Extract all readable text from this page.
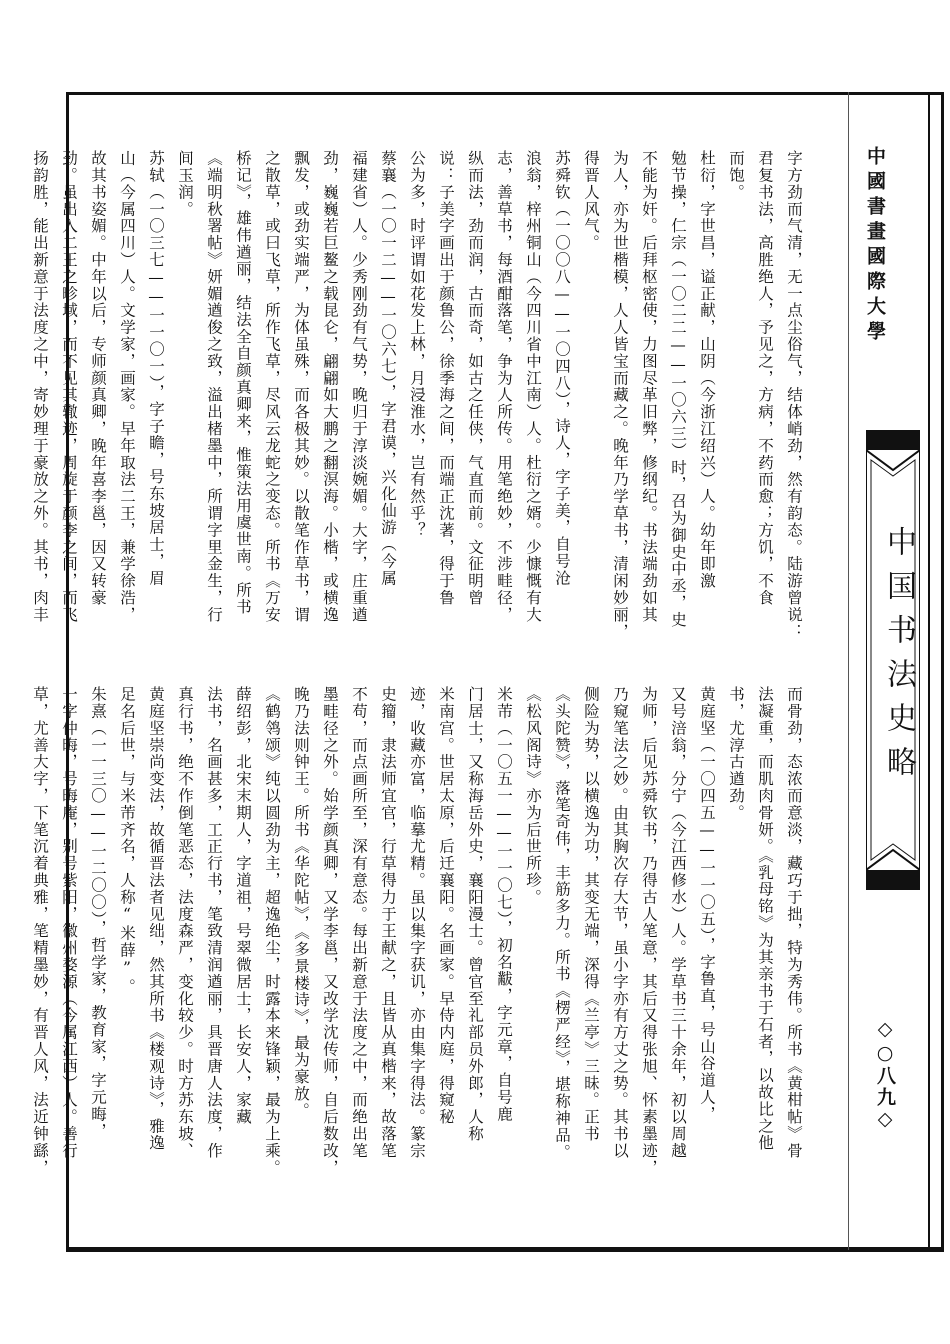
中國書畫國際大學
中国书法史略
◇○八九◇
字方劲而气清，无一点尘俗气，结体峭劲，然有韵态。陆游曾说：
君复书法，高胜绝人，予见之，方病，不药而愈；方饥，不食
而饱。
杜衍，字世昌，谥正献，山阴（今浙江绍兴）人。幼年即激
勉节操，仁宗（一〇二二——一〇六三）时，召为御史中丞，史
不能为奸。后拜枢密使，力图尽革旧弊，修纲纪。书法端劲如其
为人，亦为世楷模，人人皆宝而藏之。晚年乃学草书，清闲妙丽，
得晋人风气。
苏舜钦（一〇〇八——一〇四八），诗人，字子美，自号沧
浪翁，梓州铜山（今四川省中江南）人。杜衍之婿。少慷慨有大
志，善草书，每酒酣落笔，争为人所传。用笔绝妙，不涉畦径，
纵而法，劲而润，古而奇，如古之任侠，气直而前。文征明曾
说：子美字画出于颜鲁公，徐季海之间，而端正沈著，得于鲁
公为多，时评谓如花发上林，月浸淮水，岂有然乎？
蔡襄（一〇一二——一〇六七），字君谟，兴化仙游（今属
福建省）人。少秀刚劲有气势，晚归于淳淡婉媚。大字，庄重遒
劲，巍巍若巨鳌之载昆仑，翩翩如大鹏之翻溟海。小楷，或横逸
飘发，或劲实端严，为体虽殊，而各极其妙。以散笔作草书，谓
之散草，或曰飞草，所作飞草，尽风云龙蛇之变态。所书《万安
桥记》，雄伟遒丽，结法全自颜真卿来，惟策法用虞世南。所书
《端明秋署帖》妍媚遒俊之致，溢出楮墨中，所谓字里金生，行
间玉润。
苏轼（一〇三七——一一〇一），字子瞻，号东坡居士，眉
山（今属四川）人。文学家，画家。早年取法二王，兼学徐浩，
故其书姿媚。中年以后，专师颜真卿，晚年喜李邕，因又转豪
劲。虽出入二王之畛域，而不见其辙迹，周旋于颜李之间，而飞
扬韵胜，能出新意于法度之中，寄妙理于豪放之外。其书，肉丰
而骨劲，态浓而意淡，藏巧于拙，特为秀伟。所书《黄柑帖》骨
法凝重，而肌肉骨妍。《乳母铭》为其亲书于石者，以故比之他
书，尤淳古遒劲。
黄庭坚（一〇四五——一一〇五），字鲁直，号山谷道人，
又号涪翁，分宁（今江西修水）人。学草书三十余年，初以周越
为师，后见苏舜钦书，乃得古人笔意，其后又得张旭、怀素墨迹，
乃窥笔法之妙。由其胸次存大节，虽小字亦有方丈之势。其书以
侧险为势，以横逸为功，其变无端，深得《兰亭》三昧。正书
《头陀赞》，落笔奇伟，丰筋多力。所书《楞严经》，堪称神品。
《松风阁诗》亦为后世所珍。
米芾（一〇五一——一一〇七），初名黻，字元章，自号鹿
门居士，又称海岳外史，襄阳漫士。曾官至礼部员外郎，人称
米南宫。世居太原，后迁襄阳。名画家。早侍内庭，得窥秘
迹，收藏亦富，临摹尤精。虽以集字获讥，亦由集字得法。篆宗
史籀，隶法师宜官，行草得力于王献之，且皆从真楷来，故落笔
不苟，而点画所至，深有意态。每出新意于法度之中，而绝出笔
墨畦径之外。始学颜真卿，又学李邕，又改学沈传师，自后数改，
晚乃法则钟王。所书《华陀帖》，《多景楼诗》，最为豪放。
《鹤鸰颂》纯以圆劲为主，超逸绝尘，时露本来锋颖，最为上乘。
薛绍彭，北宋末期人，字道祖，号翠微居士，长安人，家藏
法书，名画甚多，工正行书，笔致清润遒丽，具晋唐人法度，作
真行书，绝不作倒笔恶态，法度森严，变化较少。时方苏东坡、
黄庭坚崇尚变法，故循晋法者见绌，然其所书《楼观诗》，雅逸
足名后世，与米芾齐名，人称“米薛”。
朱熹（一一三〇——一二〇〇），哲学家，教育家，字元晦，
一字仲晦，号晦庵，别号紫阳，徽州婺源（今属江西）人。善行
草，尤善大字，下笔沉着典雅，笔精墨妙，有晋人风，法近钟繇，
